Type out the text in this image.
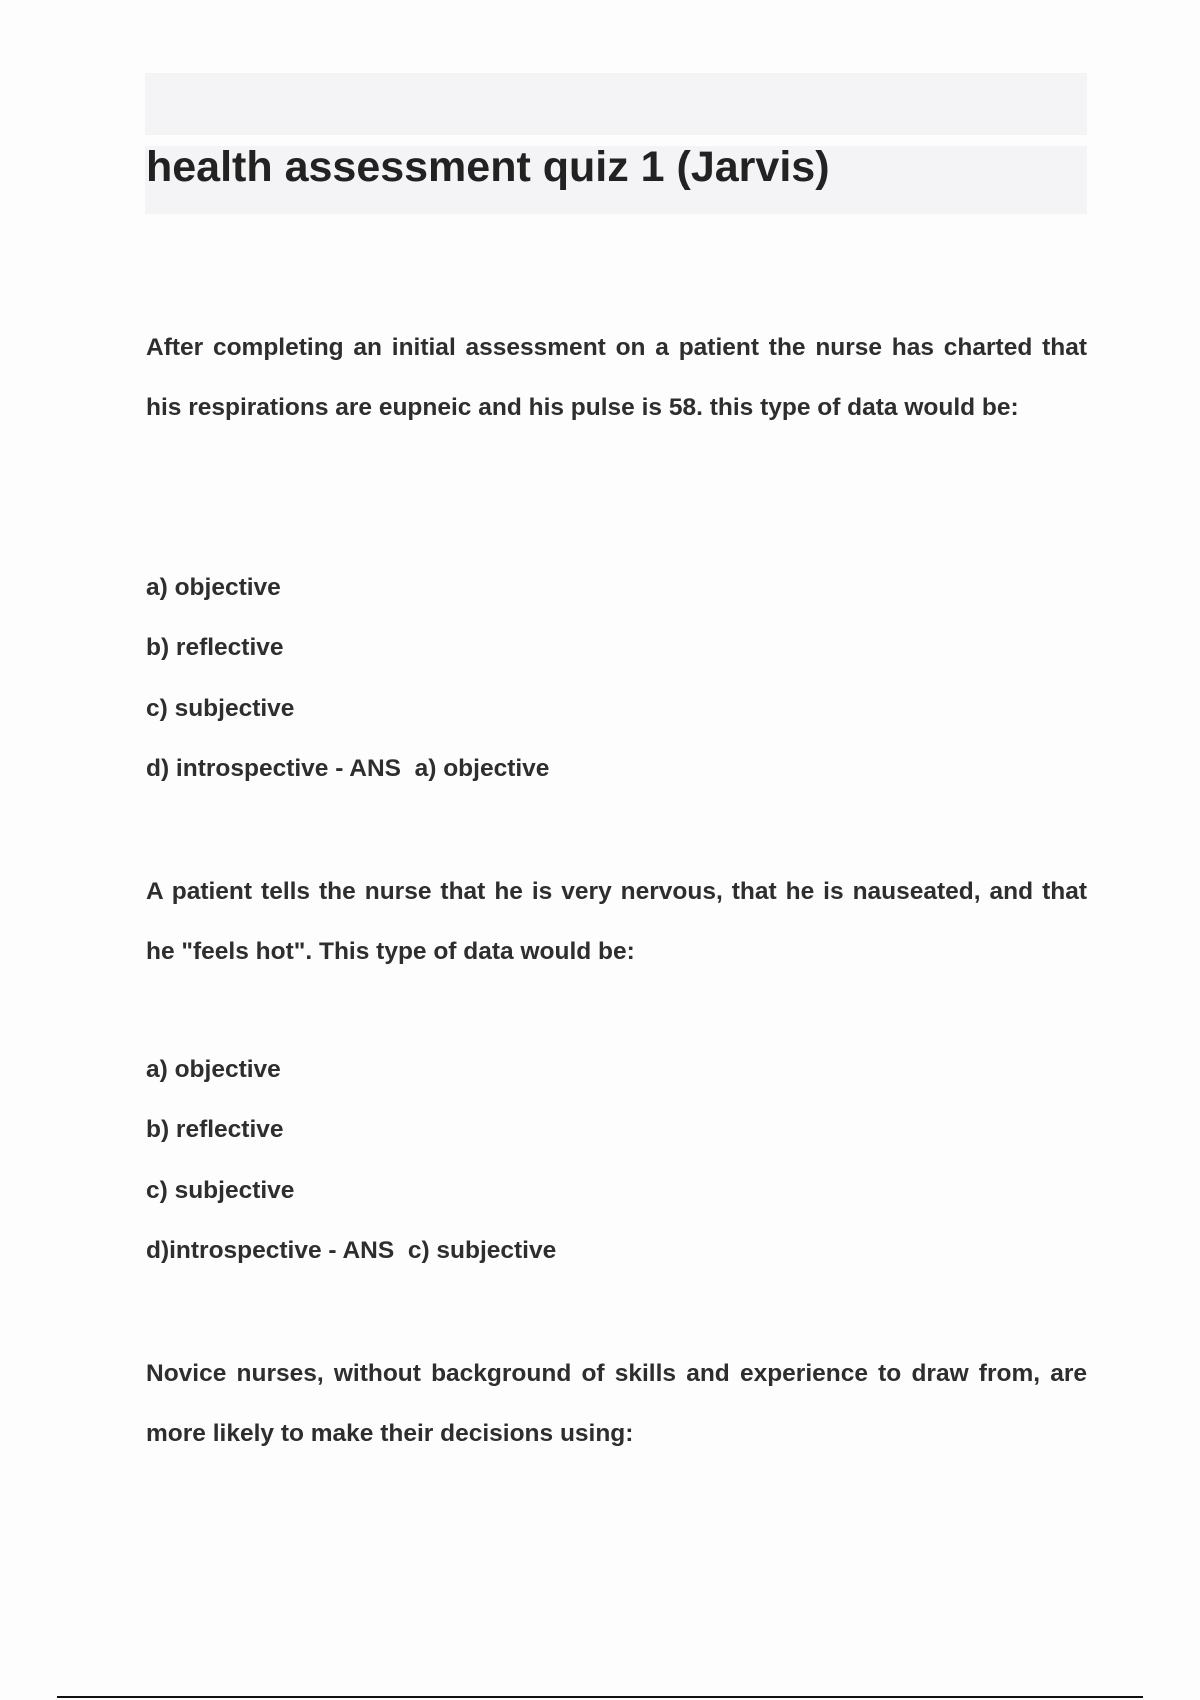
health assessment quiz 1 (Jarvis)

After completing an initial assessment on a patient the nurse has charted that his respirations are eupneic and his pulse is 58. this type of data would be:

a) objective

b) reflective

c) subjective

d) introspective - ANS  a) objective

A patient tells the nurse that he is very nervous, that he is nauseated, and that he "feels hot". This type of data would be:

a) objective

b) reflective

c) subjective

d)introspective - ANS  c) subjective

Novice nurses, without background of skills and experience to draw from, are more likely to make their decisions using:
